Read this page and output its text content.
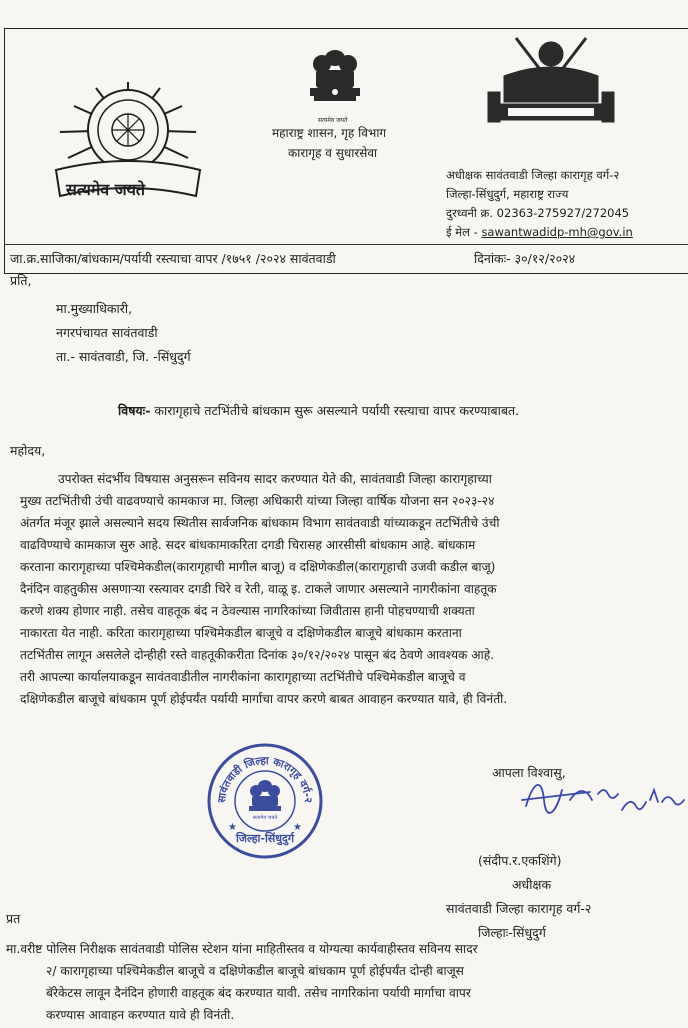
सत्यमेव जयते
सत्यमेव जयते
महाराष्ट्र शासन, गृह विभाग
कारागृह व सुधारसेवा
अधीक्षक सावंतवाडी जिल्हा कारागृह वर्ग-२
जिल्हा-सिंधुदुर्ग, महाराष्ट्र राज्य
दुरध्वनी क्र. 02363-275927/272045
ई मेल - sawantwadidp-mh@gov.in
जा.क्र.साजिका/बांधकाम/पर्यायी रस्त्याचा वापर /१७५१ /२०२४ सावंतवाडी	दिनांकः- ३०/१२/२०२४
प्रति,
मा.मुख्याधिकारी,
नगरपंचायत सावंतवाडी
ता.- सावंतवाडी, जि. -सिंधुदुर्ग
विषयः- कारागृहाचे तटभिंतीचे बांधकाम सुरू असल्याने पर्यायी रस्त्याचा वापर करण्याबाबत.
महोदय,
उपरोक्त संदर्भीय विषयास अनुसरून सविनय सादर करण्यात येते की, सावंतवाडी जिल्हा कारागृहाच्या
मुख्य तटभिंतीची उंची वाढवण्याचे कामकाज मा. जिल्हा अधिकारी यांच्या जिल्हा वार्षिक योजना सन २०२३-२४
अंतर्गत मंजूर झाले असल्याने सदय स्थितीस सार्वजनिक बांधकाम विभाग सावंतवाडी यांच्याकडून तटभिंतीचे उंची
वाढविण्याचे कामकाज सुरु आहे. सदर बांधकामाकरिता दगडी चिरासह आरसीसी बांधकाम आहे. बांधकाम
करताना कारागृहाच्या पश्चिमेकडील(कारागृहाची मागील बाजू) व दक्षिणेकडील(कारागृहाची उजवी कडील बाजू)
दैनंदिन वाहतुकीस असणाऱ्या रस्त्यावर दगडी चिरे व रेती, वाळू इ. टाकले जाणार असल्याने नागरीकांना वाहतूक
करणे शक्य होणार नाही. तसेच वाहतूक बंद न ठेवल्यास नागरिकांच्या जिवीतास हानी पोहचण्याची शक्यता
नाकारता येत नाही. करिता कारागृहाच्या पश्चिमेकडील बाजूचे व दक्षिणेकडील बाजूचे बांधकाम करताना
तटभिंतीस लागून असलेले दोन्हीही रस्ते वाहतूकीकरीता दिनांक ३०/१२/२०२४ पासून बंद ठेवणे आवश्यक आहे.
तरी आपल्या कार्यालयाकडून सावंतवाडीतील नागरीकांना कारागृहाच्या तटभिंतीचे पश्चिमेकडील बाजूचे व
दक्षिणेकडील बाजूचे बांधकाम पूर्ण होईपर्यंत पर्यायी मार्गाचा वापर करणे बाबत आवाहन करण्यात यावे, ही विनंती.
सावंतवाडी जिल्हा कारागृह वर्ग-२
जिल्हा-सिंधुदुर्ग
★	★
सत्यमेव जयते
आपला विश्वासु,
(संदीप.र.एकशिंगे)
अधीक्षक
सावंतवाडी जिल्हा कारागृह वर्ग-२
जिल्हाः-सिंधुदुर्ग
प्रत
मा.वरीष्ट पोलिस निरीक्षक सावंतवाडी पोलिस स्टेशन यांना माहितीस्तव व योग्यत्या कार्यवाहीस्तव सविनय सादर
२/ कारागृहाच्या पश्चिमेकडील बाजूचे व दक्षिणेकडील बाजूचे बांधकाम पूर्ण होईपर्यंत दोन्ही बाजूस
बॅरेकेटस लावून दैनंदिन होणारी वाहतूक बंद करण्यात यावी. तसेच नागरिकांना पर्यायी मार्गाचा वापर
करण्यास आवाहन करण्यात यावे ही विनंती.
